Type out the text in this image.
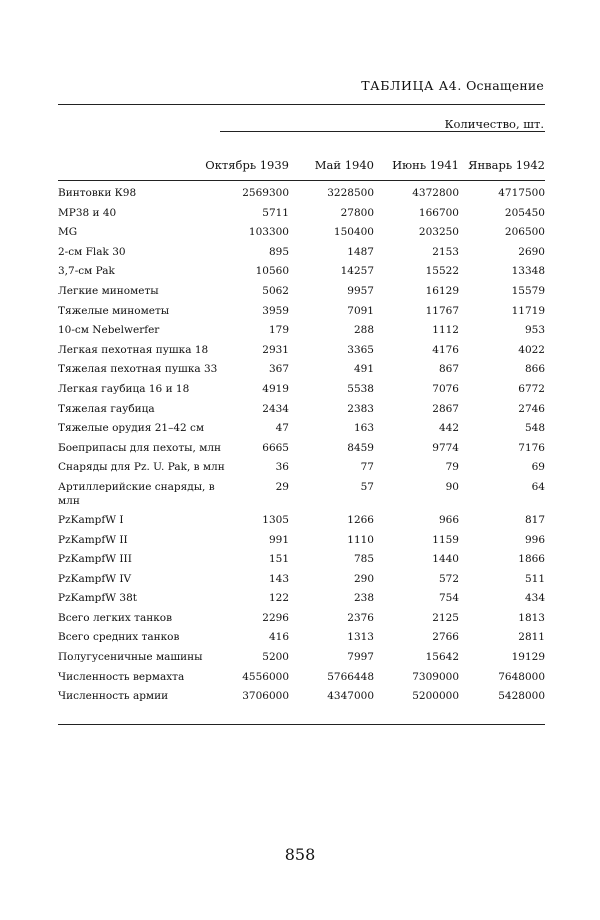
ТАБЛИЦА А4. Оснащение
Количество, шт.
Октябрь 1939 Май 1940 Июнь 1941 Январь 1942
Винтовки К98	2569300	3228500	4372800	4717500
МР38 и 40	5711	27800	166700	205450
MG	103300	150400	203250	206500
2-см Flak 30	895	1487	2153	2690
3,7-см Pak	10560	14257	15522	13348
Легкие минометы	5062	9957	16129	15579
Тяжелые минометы	3959	7091	11767	11719
10-см Nebelwerfer	179	288	1112	953
Легкая пехотная пушка 18	2931	3365	4176	4022
Тяжелая пехотная пушка 33	367	491	867	866
Легкая гаубица 16 и 18	4919	5538	7076	6772
Тяжелая гаубица	2434	2383	2867	2746
Тяжелые орудия 21–42 см	47	163	442	548
Боеприпасы для пехоты, млн	6665	8459	9774	7176
Снаряды для Pz. U. Pak, в млн	36	77	79	69
Артиллерийские снаряды, в млн
29	57	90	64
PzKampfW I	1305	1266	966	817
PzKampfW II	991	1110	1159	996
PzKampfW III	151	785	1440	1866
PzKampfW IV	143	290	572	511
PzKampfW 38t	122	238	754	434
Всего легких танков	2296	2376	2125	1813
Всего средних танков	416	1313	2766	2811
Полугусеничные машины	5200	7997	15642	19129
Численность вермахта	4556000	5766448	7309000	7648000
Численность армии	3706000	4347000	5200000	5428000
858
